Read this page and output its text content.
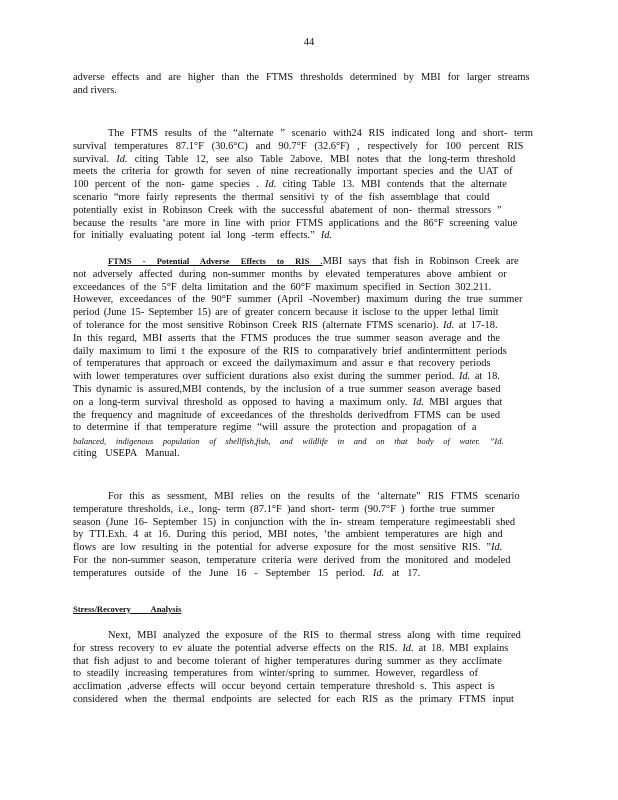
44
adverse effects and are higher than the FTMS thresholds determined by MBI for larger streams
and rivers.
The FTMS results of the “alternate ” scenario with24 RIS indicated long and short- term
survival temperatures 87.1°F (30.6°C) and 90.7°F (32.6°F) , respectively for 100 percent RIS
survival. Id. citing Table 12, see also Table 2above. MBI notes that the long-term threshold
meets the criteria for growth for seven of nine recreationally important species and the UAT of
100 percent of the non- game species . Id. citing Table 13. MBI contends that the alternate
scenario “more fairly represents the thermal sensitivi ty of the fish assemblage that could
potentially exist in Robinson Creek with the successful abatement of non- thermal stressors ”
because the results ‘are more in line with prior FTMS applications and the 86°F screening value
for initially evaluating potent ial long -term effects.” Id.
FTMS - Potential Adverse Effects to RIS .MBI says that fish in Robinson Creek are
not adversely affected during non-summer months by elevated temperatures above ambient or
exceedances of the 5°F delta limitation and the 60°F maximum specified in Section 302.211.
However, exceedances of the 90°F summer (April -November) maximum during the true summer
period (June 15- September 15) are of greater concern because it isclose to the upper lethal limit
of tolerance for the most sensitive Robinson Creek RIS (alternate FTMS scenario). Id. at 17-18.
In this regard, MBI asserts that the FTMS produces the true summer season average and the
daily maximum to limi t the exposure of the RIS to comparatively brief andintermittent periods
of temperatures that approach or exceed the dailymaximum and assur e that recovery periods
with lower temperatures over sufficient durations also exist during the summer period. Id. at 18.
This dynamic is assured,MBI contends, by the inclusion of a true summer season average based
on a long-term survival threshold as opposed to having a maximum only. Id. MBI argues that
the frequency and magnitude of exceedances of the thresholds derivedfrom FTMS can be used
to determine if that temperature regime “will assure the protection and propagation of a
balanced, indigenous population of shellfish,fish, and wildlife in and on that body of water. ”Id.
citing USEPA Manual.
For this as sessment, MBI relies on the results of the ‘alternate” RIS FTMS scenario
temperature thresholds, i.e., long- term (87.1°F )and short- term (90.7°F ) forthe true summer
season (June 16- September 15) in conjunction with the in- stream temperature regimeestabli shed
by TTI.Exh. 4 at 16. During this period, MBI notes, ‘the ambient temperatures are high and
flows are low resulting in the potential for adverse exposure for the most sensitive RIS. ”Id.
For the non-summer season, temperature criteria were derived from the monitored and modeled
temperatures outside of the June 16 - September 15 period. Id. at 17.
Stress/Recovery Analysis
Next, MBI analyzed the exposure of the RIS to thermal stress along with time required
for stress recovery to ev aluate the potential adverse effects on the RIS. Id. at 18. MBI explains
that fish adjust to and become tolerant of higher temperatures during summer as they acclimate
to steadily increasing temperatures from winter/spring to summer. However, regardless of
acclimation ,adverse effects will occur beyond certain temperature threshold s. This aspect is
considered when the thermal endpoints are selected for each RIS as the primary FTMS input
